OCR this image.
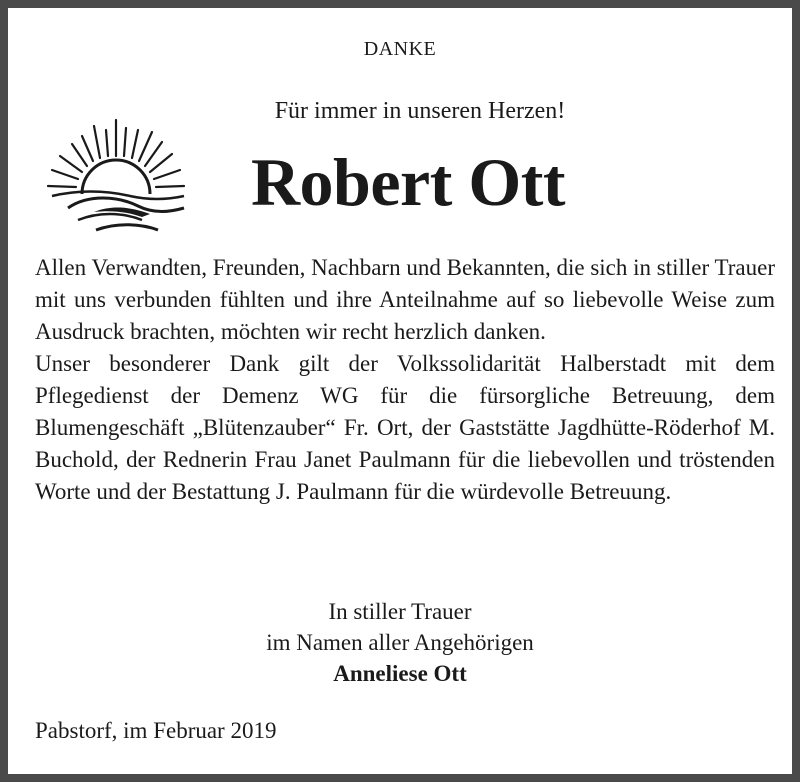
DANKE
Für immer in unseren Herzen!
Robert Ott

Allen Verwandten, Freunden, Nachbarn und Bekannten, die sich in stiller Trauer mit uns verbunden fühlten und ihre Anteilnahme auf so liebevolle Weise zum Ausdruck brachten, möchten wir recht herzlich danken.

Unser besonderer Dank gilt der Volkssolidarität Halberstadt mit dem Pflegedienst der Demenz WG für die fürsorgliche Betreuung, dem Blumengeschäft „Blütenzauber“ Fr. Ort, der Gaststätte Jagdhütte-Röderhof M. Buchold, der Rednerin Frau Janet Paulmann für die liebevollen und tröstenden Worte und der Bestattung J. Paulmann für die würdevolle Betreuung.

In stiller Trauer
im Namen aller Angehörigen
Anneliese Ott
Pabstorf, im Februar 2019
